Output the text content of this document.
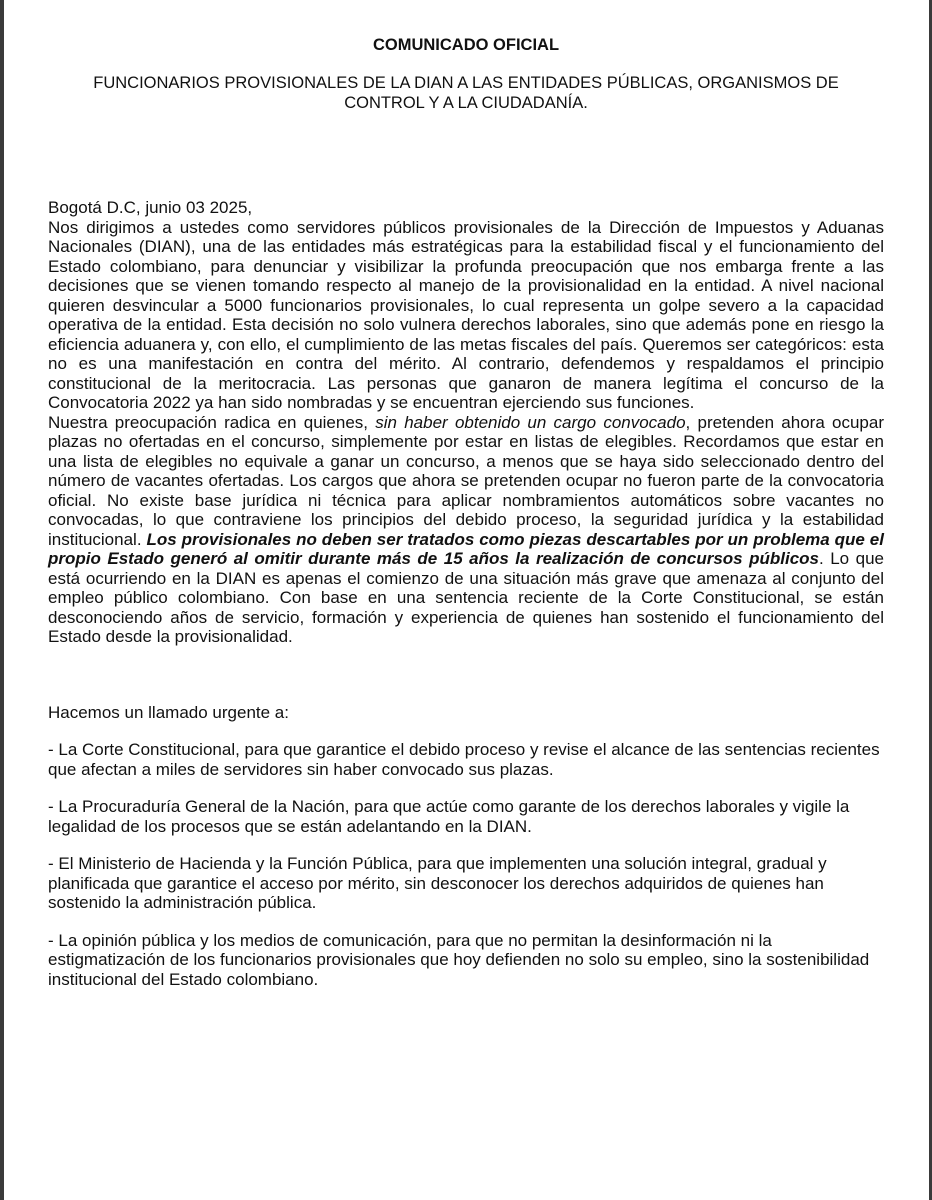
COMUNICADO OFICIAL
FUNCIONARIOS PROVISIONALES DE LA DIAN A LAS ENTIDADES PÚBLICAS, ORGANISMOS DE CONTROL Y A LA CIUDADANÍA.
Bogotá D.C, junio 03 2025,

Nos dirigimos a ustedes como servidores públicos provisionales de la Dirección de Impuestos y Aduanas Nacionales (DIAN), una de las entidades más estratégicas para la estabilidad fiscal y el funcionamiento del Estado colombiano, para denunciar y visibilizar la profunda preocupación que nos embarga frente a las decisiones que se vienen tomando respecto al manejo de la provisionalidad en la entidad. A nivel nacional quieren desvincular a 5000 funcionarios provisionales, lo cual representa un golpe severo a la capacidad operativa de la entidad. Esta decisión no solo vulnera derechos laborales, sino que además pone en riesgo la eficiencia aduanera y, con ello, el cumplimiento de las metas fiscales del país. Queremos ser categóricos: esta no es una manifestación en contra del mérito. Al contrario, defendemos y respaldamos el principio constitucional de la meritocracia. Las personas que ganaron de manera legítima el concurso de la Convocatoria 2022 ya han sido nombradas y se encuentran ejerciendo sus funciones.

Nuestra preocupación radica en quienes, sin haber obtenido un cargo convocado, pretenden ahora ocupar plazas no ofertadas en el concurso, simplemente por estar en listas de elegibles. Recordamos que estar en una lista de elegibles no equivale a ganar un concurso, a menos que se haya sido seleccionado dentro del número de vacantes ofertadas. Los cargos que ahora se pretenden ocupar no fueron parte de la convocatoria oficial. No existe base jurídica ni técnica para aplicar nombramientos automáticos sobre vacantes no convocadas, lo que contraviene los principios del debido proceso, la seguridad jurídica y la estabilidad institucional. Los provisionales no deben ser tratados como piezas descartables por un problema que el propio Estado generó al omitir durante más de 15 años la realización de concursos públicos. Lo que está ocurriendo en la DIAN es apenas el comienzo de una situación más grave que amenaza al conjunto del empleo público colombiano. Con base en una sentencia reciente de la Corte Constitucional, se están desconociendo años de servicio, formación y experiencia de quienes han sostenido el funcionamiento del Estado desde la provisionalidad.

Hacemos un llamado urgente a:
- La Corte Constitucional, para que garantice el debido proceso y revise el alcance de las sentencias recientes que afectan a miles de servidores sin haber convocado sus plazas.
- La Procuraduría General de la Nación, para que actúe como garante de los derechos laborales y vigile la legalidad de los procesos que se están adelantando en la DIAN.
- El Ministerio de Hacienda y la Función Pública, para que implementen una solución integral, gradual y planificada que garantice el acceso por mérito, sin desconocer los derechos adquiridos de quienes han sostenido la administración pública.
- La opinión pública y los medios de comunicación, para que no permitan la desinformación ni la estigmatización de los funcionarios provisionales que hoy defienden no solo su empleo, sino la sostenibilidad institucional del Estado colombiano.
